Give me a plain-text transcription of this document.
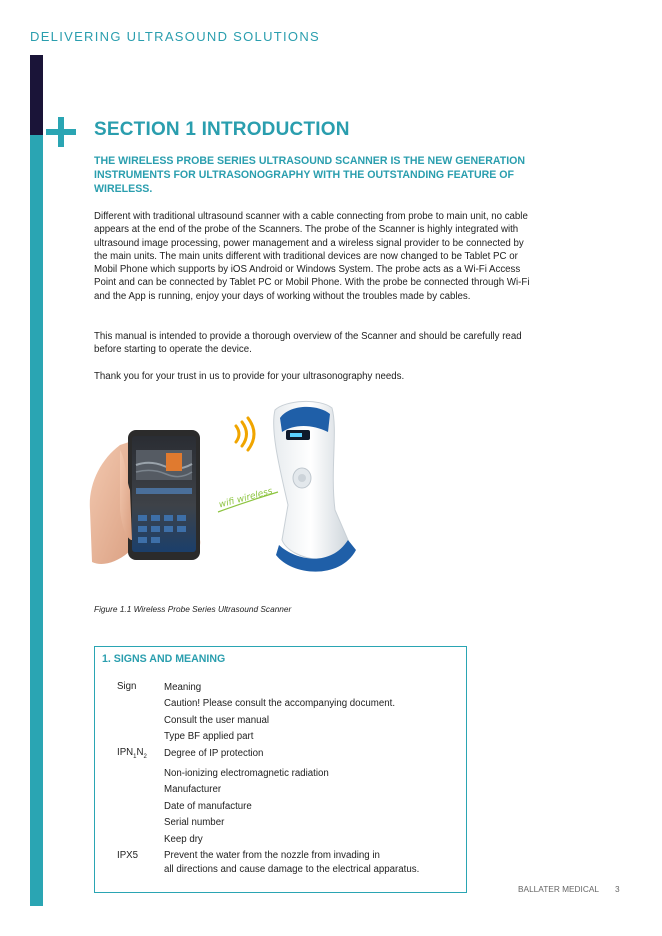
DELIVERING ULTRASOUND SOLUTIONS
SECTION 1 INTRODUCTION

THE WIRELESS PROBE SERIES ULTRASOUND SCANNER IS THE NEW GENERATION INSTRUMENTS FOR ULTRASONOGRAPHY WITH THE OUTSTANDING FEATURE OF WIRELESS.

Different with traditional ultrasound scanner with a cable connecting from probe to main unit, no cable appears at the end of the probe of the Scanners. The probe of the Scanner is highly integrated with ultrasound image processing, power management and a wireless signal provider to be connected by the main units. The main units different with traditional devices are now changed to be Tablet PC or Mobil Phone which supports by iOS Android or Windows System. The probe acts as a Wi-Fi Access Point and can be connected by Tablet PC or Mobil Phone. With the probe be connected through Wi-Fi and the App is running, enjoy your days of working without the troubles made by cables.

This manual is intended to provide a thorough overview of the Scanner and should be carefully read before starting to operate the device.

Thank you for your trust in us to provide for your ultrasonography needs.

wifi wireless
Figure 1.1 Wireless Probe Series Ultrasound Scanner
1. SIGNS AND MEANING
Sign	Meaning
Caution! Please consult the accompanying document.
Consult the user manual
Type BF applied part
$IPN_1N_2$	Degree of IP protection
Non-ionizing electromagnetic radiation
Manufacturer
Date of manufacture
Serial number
Keep dry
IPX5	Prevent the water from the nozzle from invading in
all directions and cause damage to the electrical apparatus.
BALLATER MEDICAL 3
